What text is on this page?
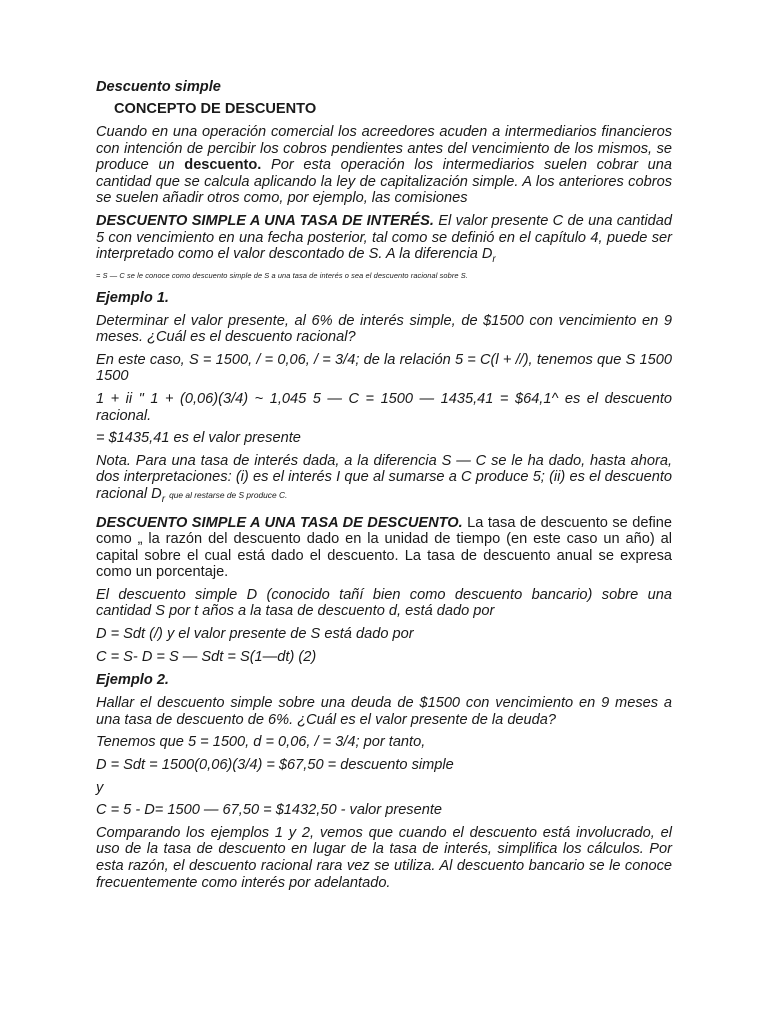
Descuento simple
CONCEPTO DE DESCUENTO

Cuando en una operación comercial los acreedores acuden a intermediarios financieros con intención de percibir los cobros pendientes antes del vencimiento de los mismos, se produce un descuento. Por esta operación los intermediarios suelen cobrar una cantidad que se calcula aplicando la ley de capitalización simple. A los anteriores cobros se suelen añadir otros como, por ejemplo, las comisiones

DESCUENTO SIMPLE A UNA TASA DE INTERÉS. El valor presente C de una cantidad 5 con vencimiento en una fecha posterior, tal como se definió en el capítulo 4, puede ser interpretado como el valor descontado de S. A la diferencia $D_r$

= S — C se le conoce como descuento simple de S a una tasa de interés o sea el descuento racional sobre S.
Ejemplo 1.

Determinar el valor presente, al 6% de interés simple, de $1500 con vencimiento en 9 meses. ¿Cuál es el descuento racional?

En este caso, S = 1500, / = 0,06, / = 3/4; de la relación 5 = C(l + //), tenemos que S 1500 1500

1 + ii " 1 + (0,06)(3/4) ~ 1,045 5 — C = 1500 — 1435,41 = $64,1^ es el descuento racional.

= $1435,41 es el valor presente

Nota. Para una tasa de interés dada, a la diferencia S — C se le ha dado, hasta ahora, dos interpretaciones: (i) es el interés I que al sumarse a C produce 5; (ii) es el descuento racional $D_r$ que al restarse de S produce C.

DESCUENTO SIMPLE A UNA TASA DE DESCUENTO. La tasa de descuento se define como „ la razón del descuento dado en la unidad de tiempo (en este caso un año) al capital sobre el cual está dado el descuento. La tasa de descuento anual se expresa como un porcentaje.

El descuento simple D (conocido tañí bien como descuento bancario) sobre una cantidad S por t años a la tasa de descuento d, está dado por

D = Sdt (/) y el valor presente de S está dado por

C = S- D = S — Sdt = S(1—dt) (2)

Ejemplo 2.

Hallar el descuento simple sobre una deuda de $1500 con vencimiento en 9 meses a una tasa de descuento de 6%. ¿Cuál es el valor presente de la deuda?

Tenemos que 5 = 1500, d = 0,06, / = 3/4; por tanto,

D = Sdt = 1500(0,06)(3/4) = $67,50 = descuento simple

y

C = 5 - D= 1500 — 67,50 = $1432,50 - valor presente

Comparando los ejemplos 1 y 2, vemos que cuando el descuento está involucrado, el uso de la tasa de descuento en lugar de la tasa de interés, simplifica los cálculos. Por esta razón, el descuento racional rara vez se utiliza. Al descuento bancario se le conoce frecuentemente como interés por adelantado.
